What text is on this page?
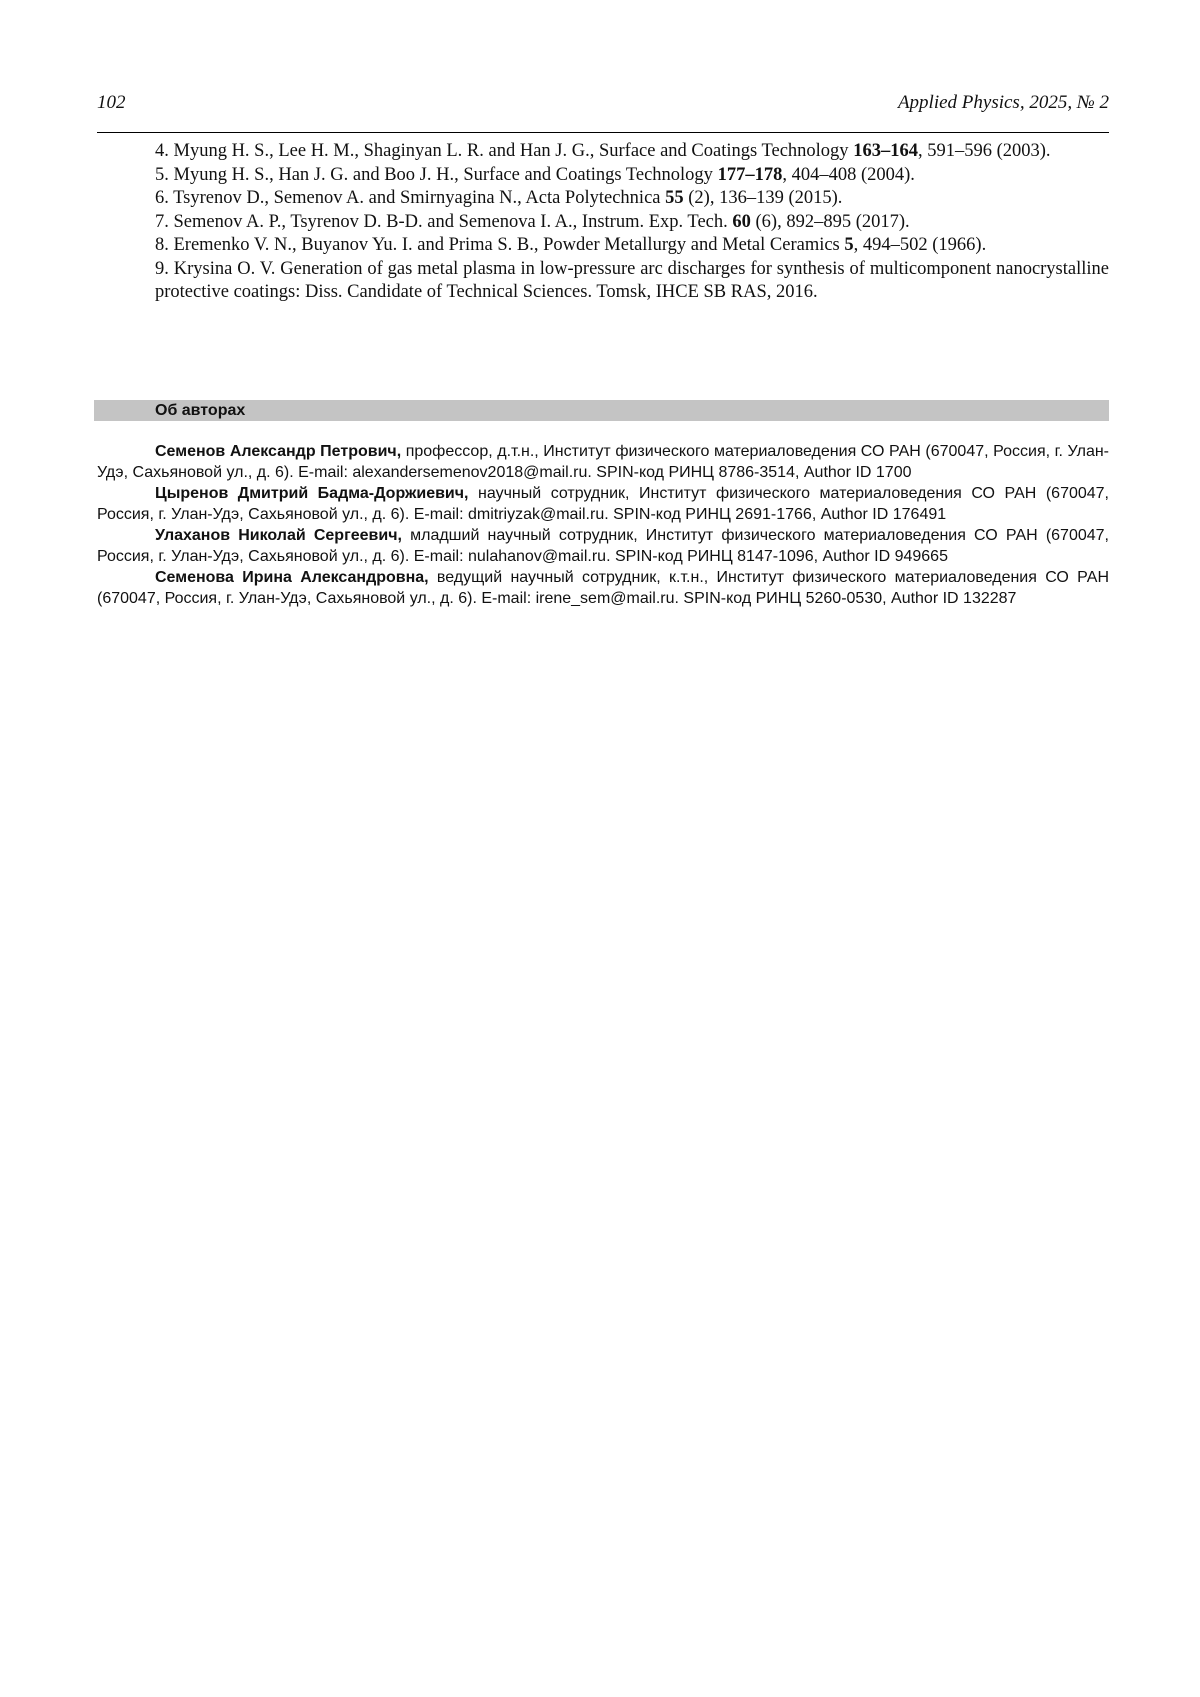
102	Applied Physics, 2025, № 2

4. Myung H. S., Lee H. M., Shaginyan L. R. and Han J. G., Surface and Coatings Technology 163–164, 591–596 (2003).

5. Myung H. S., Han J. G. and Boo J. H., Surface and Coatings Technology 177–178, 404–408 (2004).

6. Tsyrenov D., Semenov A. and Smirnyagina N., Acta Polytechnica 55 (2), 136–139 (2015).

7. Semenov A. P., Tsyrenov D. B-D. and Semenova I. A., Instrum. Exp. Tech. 60 (6), 892–895 (2017).

8. Eremenko V. N., Buyanov Yu. I. and Prima S. B., Powder Metallurgy and Metal Ceramics 5, 494–502 (1966).

9. Krysina O. V. Generation of gas metal plasma in low-pressure arc discharges for synthesis of multicomponent nanocrystalline protective coatings: Diss. Candidate of Technical Sciences. Tomsk, IHCE SB RAS, 2016.

Об авторах

Семенов Александр Петрович, профессор, д.т.н., Институт физического материаловедения СО РАН (670047, Россия, г. Улан-Удэ, Сахьяновой ул., д. 6). E-mail: alexandersemenov2018@mail.ru. SPIN-код РИНЦ 8786-3514, Author ID 1700

Цыренов Дмитрий Бадма-Доржиевич, научный сотрудник, Институт физического материаловедения СО РАН (670047, Россия, г. Улан-Удэ, Сахьяновой ул., д. 6). E-mail: dmitriyzak@mail.ru. SPIN-код РИНЦ 2691-1766, Author ID 176491

Улаханов Николай Сергеевич, младший научный сотрудник, Институт физического материаловедения СО РАН (670047, Россия, г. Улан-Удэ, Сахьяновой ул., д. 6). E-mail: nulahanov@mail.ru. SPIN-код РИНЦ 8147-1096, Author ID 949665

Семенова Ирина Александровна, ведущий научный сотрудник, к.т.н., Институт физического материаловедения СО РАН (670047, Россия, г. Улан-Удэ, Сахьяновой ул., д. 6). E-mail: irene_sem@mail.ru. SPIN-код РИНЦ 5260-0530, Author ID 132287
